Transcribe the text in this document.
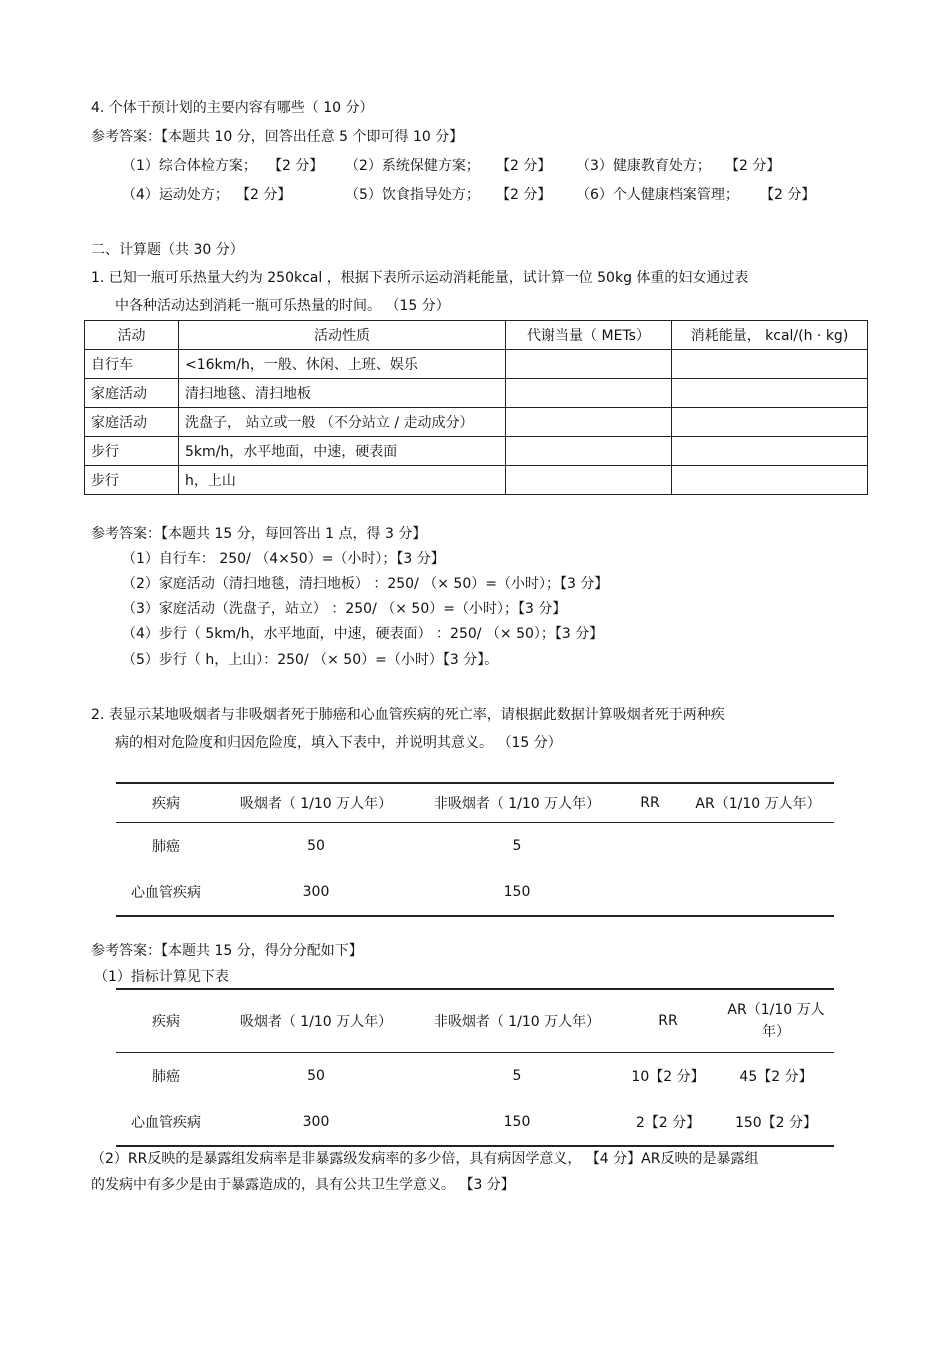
4. 个体干预计划的主要内容有哪些（ 10 分）
参考答案：【本题共 10 分，回答出任意 5 个即可得 10 分】
（1）综合体检方案； 【2 分】 （2）系统保健方案； 【2 分】 （3）健康教育处方； 【2 分】
（4）运动处方； 【2 分】	（5）饮食指导处方； 【2 分】 （6）个人健康档案管理； 【2 分】
二、计算题（共 30 分）
1. 已知一瓶可乐热量大约为 250kcal ，根据下表所示运动消耗能量，试计算一位 50kg 体重的妇女通过表
中各种活动达到消耗一瓶可乐热量的时间。 （15 分）
活动	活动性质	代谢当量（ METs）	消耗能量， kcal/(h · kg)
自行车	<16km/h，一般、休闲、上班、娱乐		
家庭活动	清扫地毯、清扫地板		
家庭活动	洗盘子， 站立或一般 （不分站立 / 走动成分）		
步行	5km/h，水平地面，中速，硬表面		
步行	h，上山		
参考答案：【本题共 15 分，每回答出 1 点，得 3 分】
（1）自行车： 250/ （4×50）=（小时）；【3 分】
（2）家庭活动（清扫地毯，清扫地板） ：250/ （× 50）=（小时）；【3 分】
（3）家庭活动（洗盘子，站立） ：250/ （× 50）=（小时）；【3 分】
（4）步行（ 5km/h，水平地面，中速，硬表面） ：250/ （× 50）；【3 分】
（5）步行（ h，上山）：250/ （× 50）=（小时）【3 分】。
2. 表显示某地吸烟者与非吸烟者死于肺癌和心血管疾病的死亡率，请根据此数据计算吸烟者死于两种疾
病的相对危险度和归因危险度，填入下表中，并说明其意义。 （15 分）
疾病	吸烟者（ 1/10 万人年）	非吸烟者（ 1/10 万人年）	RR	AR（1/10 万人年）
肺癌	50	5		
心血管疾病	300	150		
参考答案：【本题共 15 分，得分分配如下】
（1）指标计算见下表
疾病	吸烟者（ 1/10 万人年）	非吸烟者（ 1/10 万人年）	RR	AR（1/10 万人年）
肺癌	50	5	10【2 分】	45【2 分】
心血管疾病	300	150	2【2 分】	150【2 分】
（2）RR反映的是暴露组发病率是非暴露级发病率的多少倍，具有病因学意义， 【4 分】AR反映的是暴露组
的发病中有多少是由于暴露造成的，具有公共卫生学意义。 【3 分】
